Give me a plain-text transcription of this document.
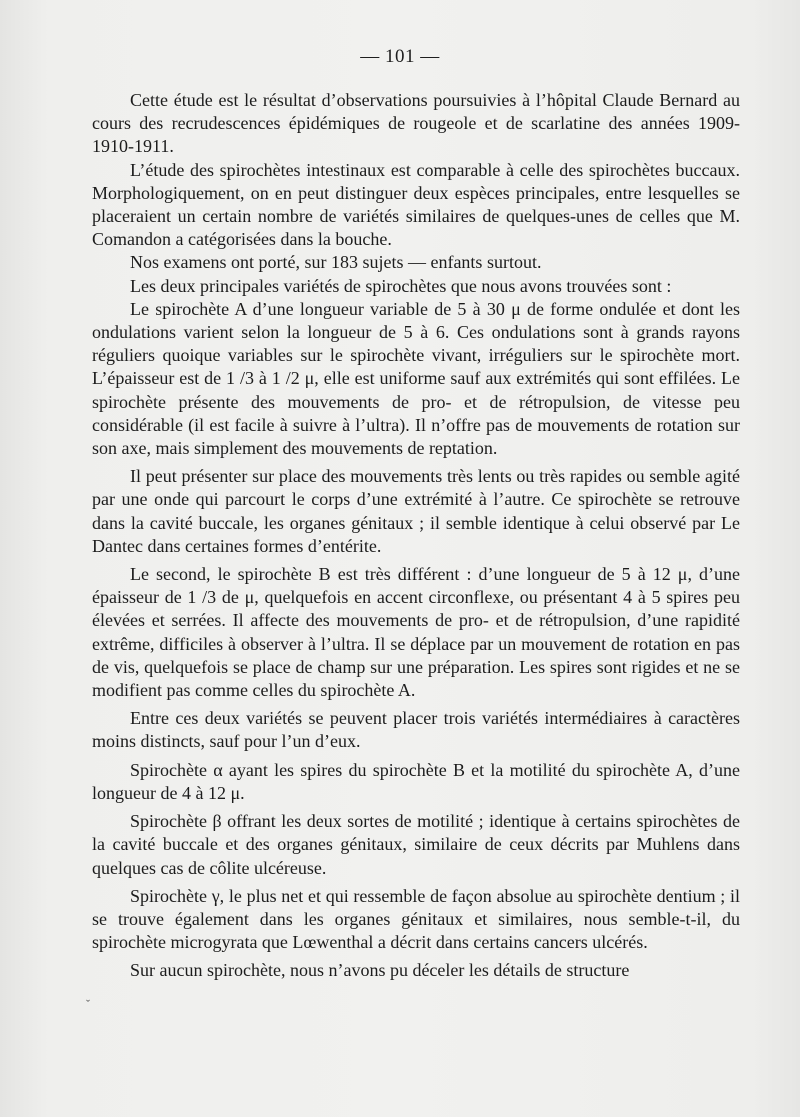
— 101 —

Cette étude est le résultat d’observations poursuivies à l’hôpital Claude Bernard au cours des recrudescences épidémiques de rougeole et de scarlatine des années 1909-1910-1911.

L’étude des spirochètes intestinaux est comparable à celle des spirochètes buccaux. Morphologiquement, on en peut distinguer deux espèces principales, entre lesquelles se placeraient un certain nombre de variétés similaires de quelques-unes de celles que M. Comandon a catégorisées dans la bouche.

Nos examens ont porté, sur 183 sujets — enfants surtout.

Les deux principales variétés de spirochètes que nous avons trouvées sont :

Le spirochète A d’une longueur variable de 5 à 30 μ de forme ondulée et dont les ondulations varient selon la longueur de 5 à 6. Ces ondulations sont à grands rayons réguliers quoique variables sur le spirochète vivant, irréguliers sur le spirochète mort. L’épaisseur est de 1 /3 à 1 /2 μ, elle est uniforme sauf aux extrémités qui sont effilées. Le spirochète présente des mouvements de pro- et de rétropulsion, de vitesse peu considérable (il est facile à suivre à l’ultra). Il n’offre pas de mouvements de rotation sur son axe, mais simplement des mouvements de reptation.

Il peut présenter sur place des mouvements très lents ou très rapides ou semble agité par une onde qui parcourt le corps d’une extrémité à l’autre. Ce spirochète se retrouve dans la cavité buccale, les organes génitaux ; il semble identique à celui observé par Le Dantec dans certaines formes d’entérite.

Le second, le spirochète B est très différent : d’une longueur de 5 à 12 μ, d’une épaisseur de 1 /3 de μ, quelquefois en accent circonflexe, ou présentant 4 à 5 spires peu élevées et serrées. Il affecte des mouvements de pro- et de rétropulsion, d’une rapidité extrême, difficiles à observer à l’ultra. Il se déplace par un mouvement de rotation en pas de vis, quelquefois se place de champ sur une préparation. Les spires sont rigides et ne se modifient pas comme celles du spirochète A.

Entre ces deux variétés se peuvent placer trois variétés intermédiaires à caractères moins distincts, sauf pour l’un d’eux.

Spirochète α ayant les spires du spirochète B et la motilité du spirochète A, d’une longueur de 4 à 12 μ.

Spirochète β offrant les deux sortes de motilité ; identique à certains spirochètes de la cavité buccale et des organes génitaux, similaire de ceux décrits par Muhlens dans quelques cas de côlite ulcéreuse.

Spirochète γ, le plus net et qui ressemble de façon absolue au spirochète dentium ; il se trouve également dans les organes génitaux et similaires, nous semble-t-il, du spirochète microgyrata que Lœwenthal a décrit dans certains cancers ulcérés.

Sur aucun spirochète, nous n’avons pu déceler les détails de structure

ˇ
